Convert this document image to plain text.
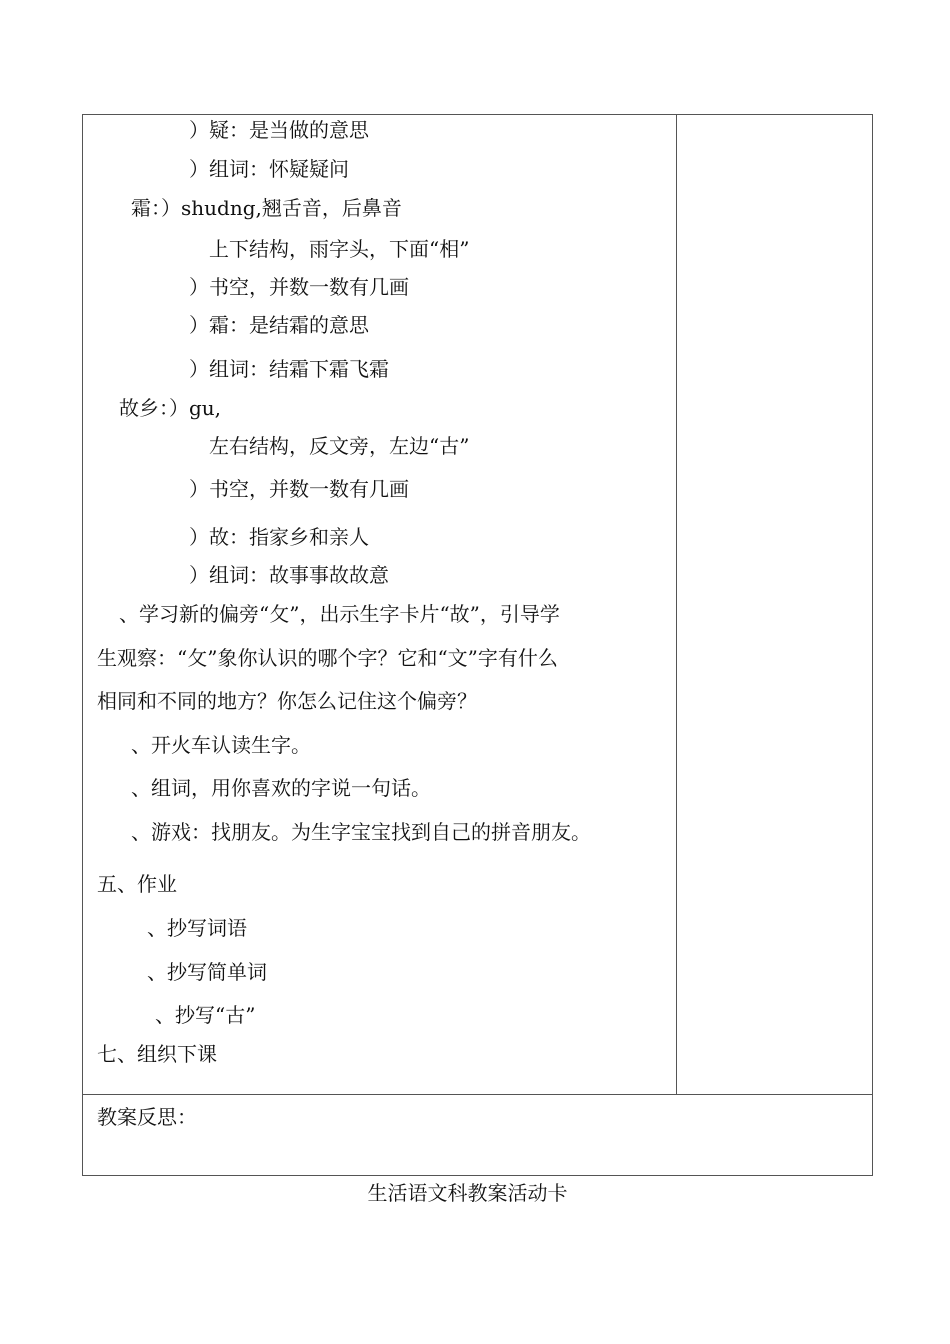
）疑：是当做的意思
）组词：怀疑疑问
霜：）shudng,翘舌音，后鼻音
上下结构，雨字头，下面“相”
）书空，并数一数有几画
）霜：是结霜的意思
）组词：结霜下霜飞霜
故乡：）gu,
左右结构，反文旁，左边“古”
）书空，并数一数有几画
）故：指家乡和亲人
）组词：故事事故故意
、学习新的偏旁“攵”，出示生字卡片“故”，引导学
生观察：“攵”象你认识的哪个字？它和“文”字有什么
相同和不同的地方？你怎么记住这个偏旁？
、开火车认读生字。
、组词，用你喜欢的字说一句话。
、游戏：找朋友。为生字宝宝找到自己的拼音朋友。
五、作业
、抄写词语
、抄写简单词
、抄写“古”
七、组织下课
教案反思：
生活语文科教案活动卡
